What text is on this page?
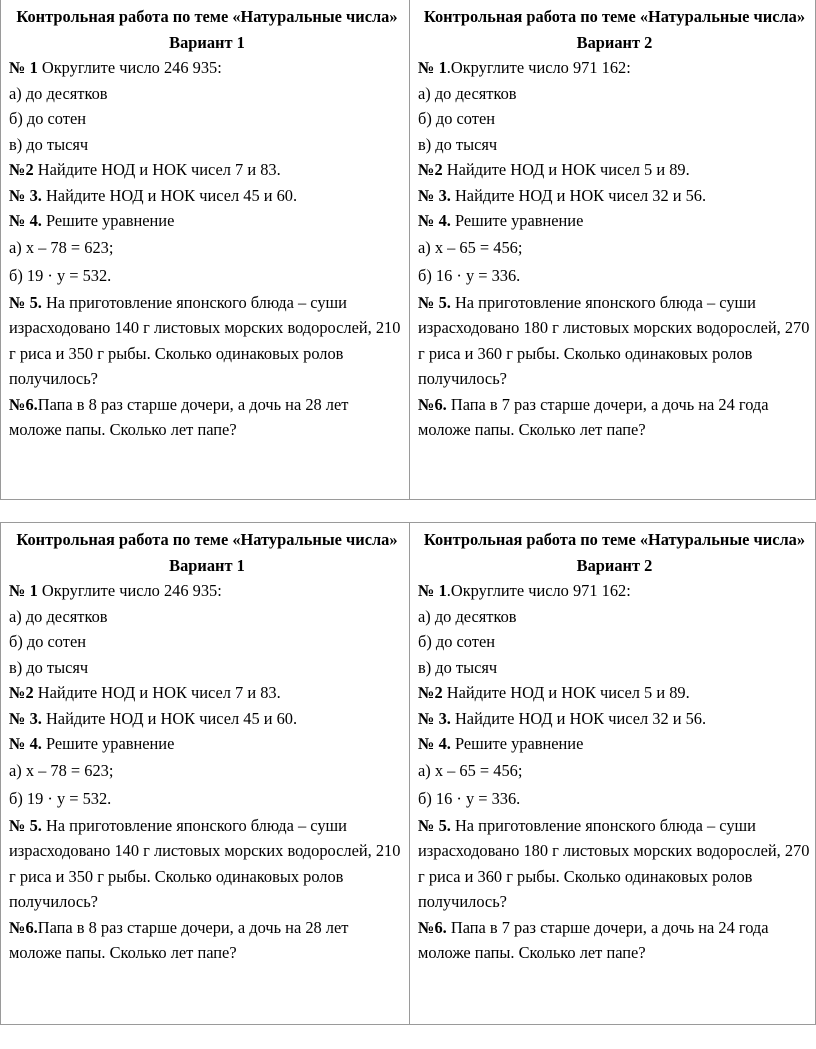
Контрольная работа по теме «Натуральные числа»
Вариант 1
№ 1 Округлите число 246 935:
а) до десятков
б) до сотен
в) до тысяч
№2 Найдите НОД и НОК чисел 7 и 83.
№ 3. Найдите НОД и НОК чисел 45 и 60.
№ 4. Решите уравнение
а) x – 78 = 623;
б) 19 · y = 532.
№ 5. На приготовление японского блюда – суши израсходовано 140 г листовых морских водорослей, 210 г риса и 350 г рыбы. Сколько одинаковых ролов получилось?
№6.Папа в 8 раз старше дочери, а дочь на 28 лет моложе папы. Сколько лет папе?
Контрольная работа по теме «Натуральные числа»
Вариант 2
№ 1.Округлите число 971 162:
а) до десятков
б) до сотен
в) до тысяч
№2 Найдите НОД и НОК чисел 5 и 89.
№ 3. Найдите НОД и НОК чисел 32 и 56.
№ 4. Решите уравнение
а) x – 65 = 456;
б) 16 · y = 336.
№ 5. На приготовление японского блюда – суши израсходовано 180 г листовых морских водорослей, 270 г риса и 360 г рыбы. Сколько одинаковых ролов получилось?
№6. Папа в 7 раз старше дочери, а дочь на 24 года моложе папы. Сколько лет папе?
Контрольная работа по теме «Натуральные числа»
Вариант 1
№ 1 Округлите число 246 935:
а) до десятков
б) до сотен
в) до тысяч
№2 Найдите НОД и НОК чисел 7 и 83.
№ 3. Найдите НОД и НОК чисел 45 и 60.
№ 4. Решите уравнение
а) x – 78 = 623;
б) 19 · y = 532.
№ 5. На приготовление японского блюда – суши израсходовано 140 г листовых морских водорослей, 210 г риса и 350 г рыбы. Сколько одинаковых ролов получилось?
№6.Папа в 8 раз старше дочери, а дочь на 28 лет моложе папы. Сколько лет папе?
Контрольная работа по теме «Натуральные числа»
Вариант 2
№ 1.Округлите число 971 162:
а) до десятков
б) до сотен
в) до тысяч
№2 Найдите НОД и НОК чисел 5 и 89.
№ 3. Найдите НОД и НОК чисел 32 и 56.
№ 4. Решите уравнение
а) x – 65 = 456;
б) 16 · y = 336.
№ 5. На приготовление японского блюда – суши израсходовано 180 г листовых морских водорослей, 270 г риса и 360 г рыбы. Сколько одинаковых ролов получилось?
№6. Папа в 7 раз старше дочери, а дочь на 24 года моложе папы. Сколько лет папе?
